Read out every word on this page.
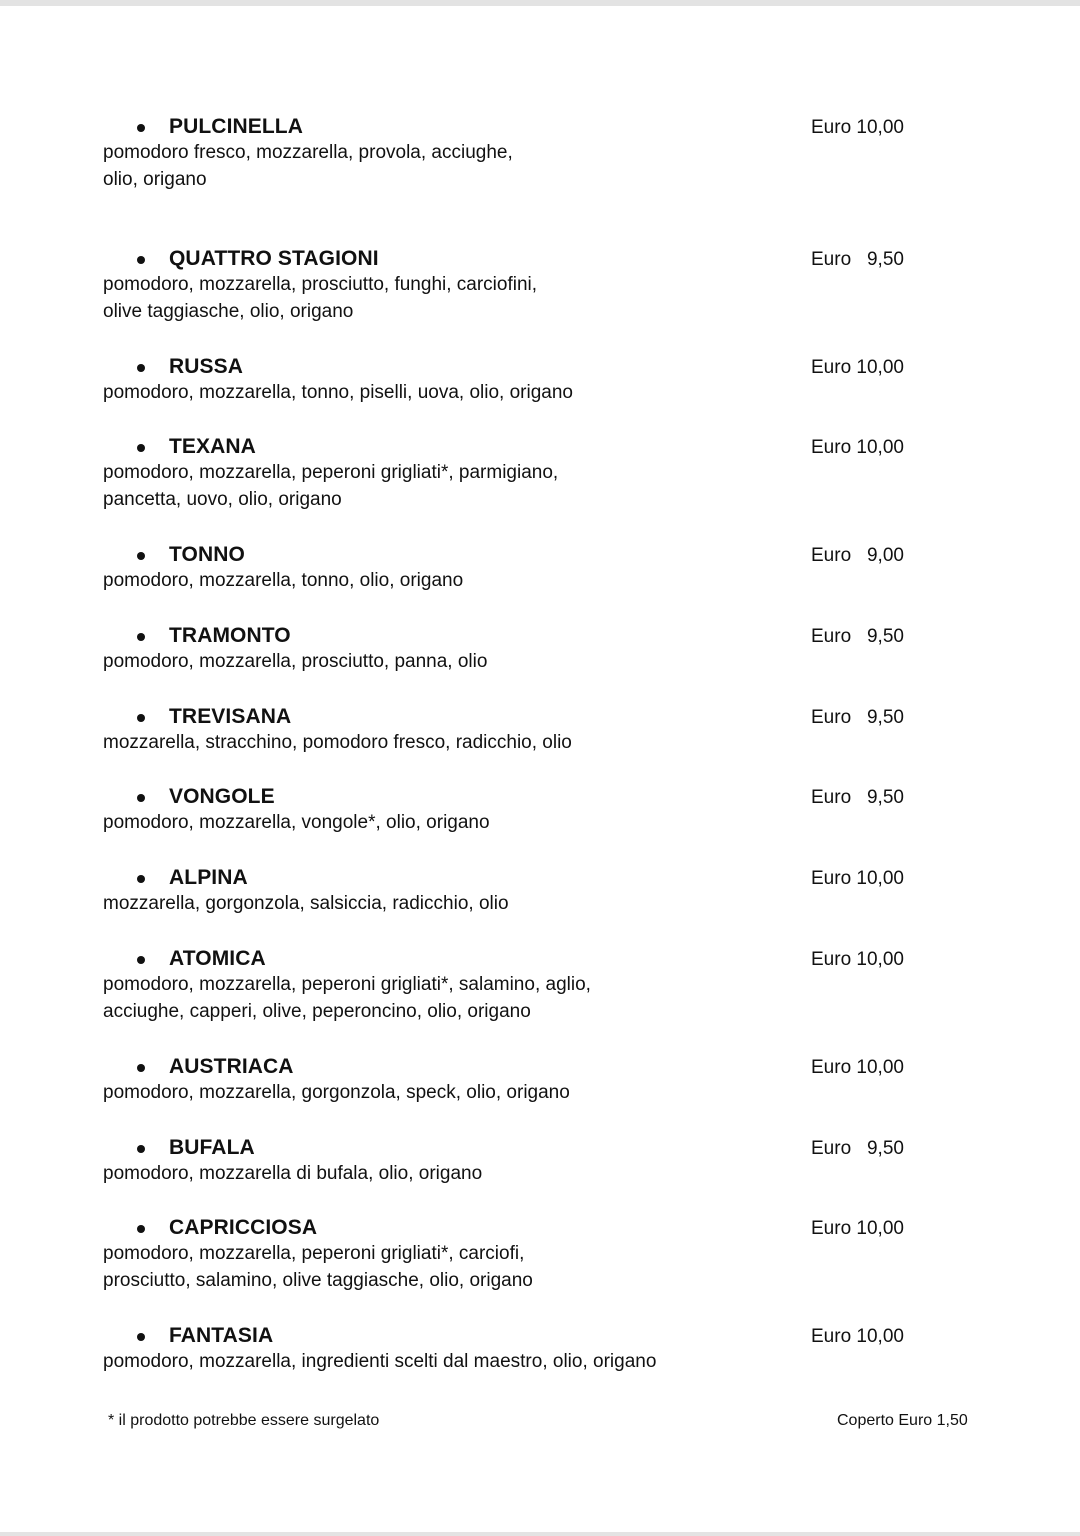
PULCINELLA	Euro 10,00
pomodoro fresco, mozzarella, provola, acciughe,
olio, origano
QUATTRO STAGIONI	Euro   9,50
pomodoro, mozzarella, prosciutto, funghi, carciofini,
olive taggiasche, olio, origano
RUSSA	Euro 10,00
pomodoro, mozzarella, tonno, piselli, uova, olio, origano
TEXANA	Euro 10,00
pomodoro, mozzarella, peperoni grigliati*, parmigiano,
pancetta, uovo, olio, origano
TONNO	Euro   9,00
pomodoro, mozzarella, tonno, olio, origano
TRAMONTO	Euro   9,50
pomodoro, mozzarella, prosciutto, panna, olio
TREVISANA	Euro   9,50
mozzarella, stracchino, pomodoro fresco, radicchio, olio
VONGOLE	Euro   9,50
pomodoro, mozzarella, vongole*, olio, origano
ALPINA	Euro 10,00
mozzarella, gorgonzola, salsiccia, radicchio, olio
ATOMICA	Euro 10,00
pomodoro, mozzarella, peperoni grigliati*, salamino, aglio,
acciughe, capperi, olive, peperoncino, olio, origano
AUSTRIACA	Euro 10,00
pomodoro, mozzarella, gorgonzola, speck, olio, origano
BUFALA	Euro   9,50
pomodoro, mozzarella di bufala, olio, origano
CAPRICCIOSA	Euro 10,00
pomodoro, mozzarella, peperoni grigliati*, carciofi,
prosciutto, salamino, olive taggiasche, olio, origano
FANTASIA	Euro 10,00
pomodoro, mozzarella, ingredienti scelti dal maestro, olio, origano
* il prodotto potrebbe essere surgelato	Coperto Euro 1,50
